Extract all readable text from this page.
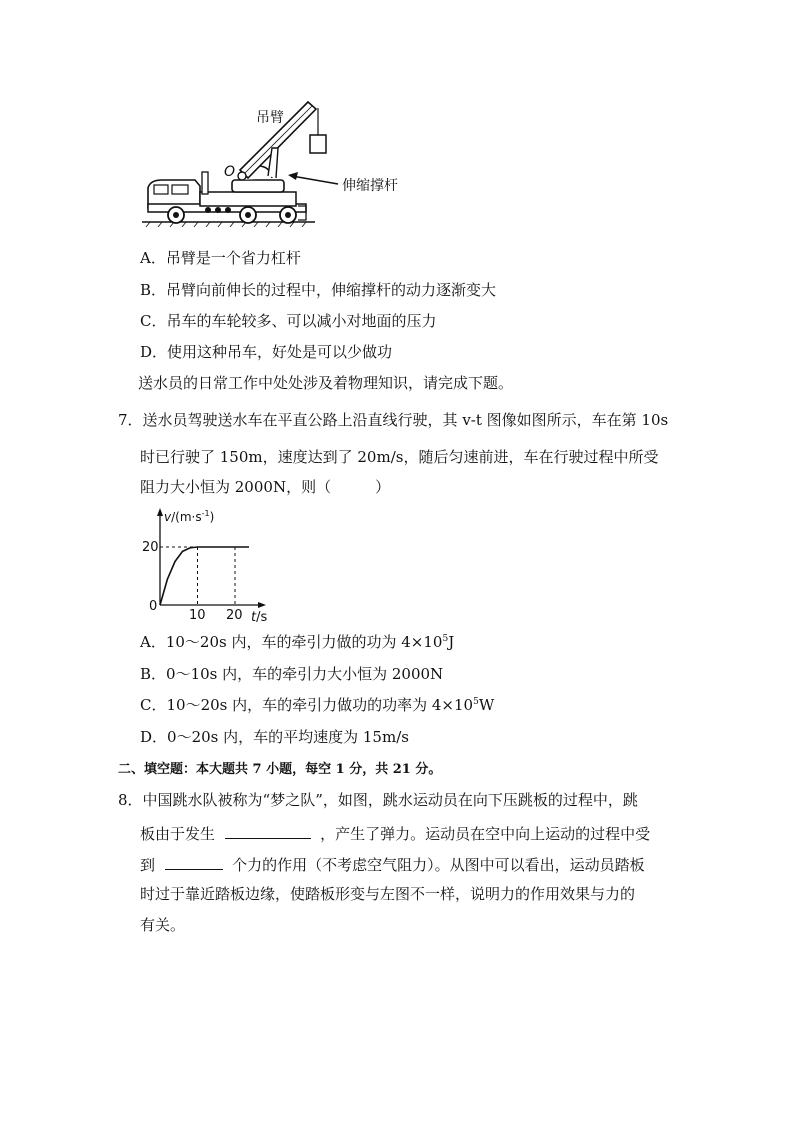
吊臂
O
伸缩撑杆
A．吊臂是一个省力杠杆
B．吊臂向前伸长的过程中，伸缩撑杆的动力逐渐变大
C．吊车的车轮较多、可以减小对地面的压力
D．使用这种吊车，好处是可以少做功
送水员的日常工作中处处涉及着物理知识，请完成下题。
7．送水员驾驶送水车在平直公路上沿直线行驶，其 v-t 图像如图所示，车在第 10s
时已行驶了 150m，速度达到了 20m/s，随后匀速前进，车在行驶过程中所受
阻力大小恒为 2000N，则（	）
$v/(m\cdot s^{-1})$
t/s
0
20
10 20
A．10～20s 内，车的牵引力做的功为 $4\times 10^5J$
B．0～10s 内，车的牵引力大小恒为 2000N
C．10～20s 内，车的牵引力做功的功率为 $4\times 10^5W$
D．0～20s 内，车的平均速度为 15m/s
二、填空题：本大题共 7 小题，每空 1 分，共 21 分。
8．中国跳水队被称为“梦之队”，如图，跳水运动员在向下压跳板的过程中，跳
板由于发生	，产生了弹力。运动员在空中向上运动的过程中受
到	个力的作用（不考虑空气阻力）。从图中可以看出，运动员踏板
时过于靠近踏板边缘，使踏板形变与左图不一样，说明力的作用效果与力的
有关。
